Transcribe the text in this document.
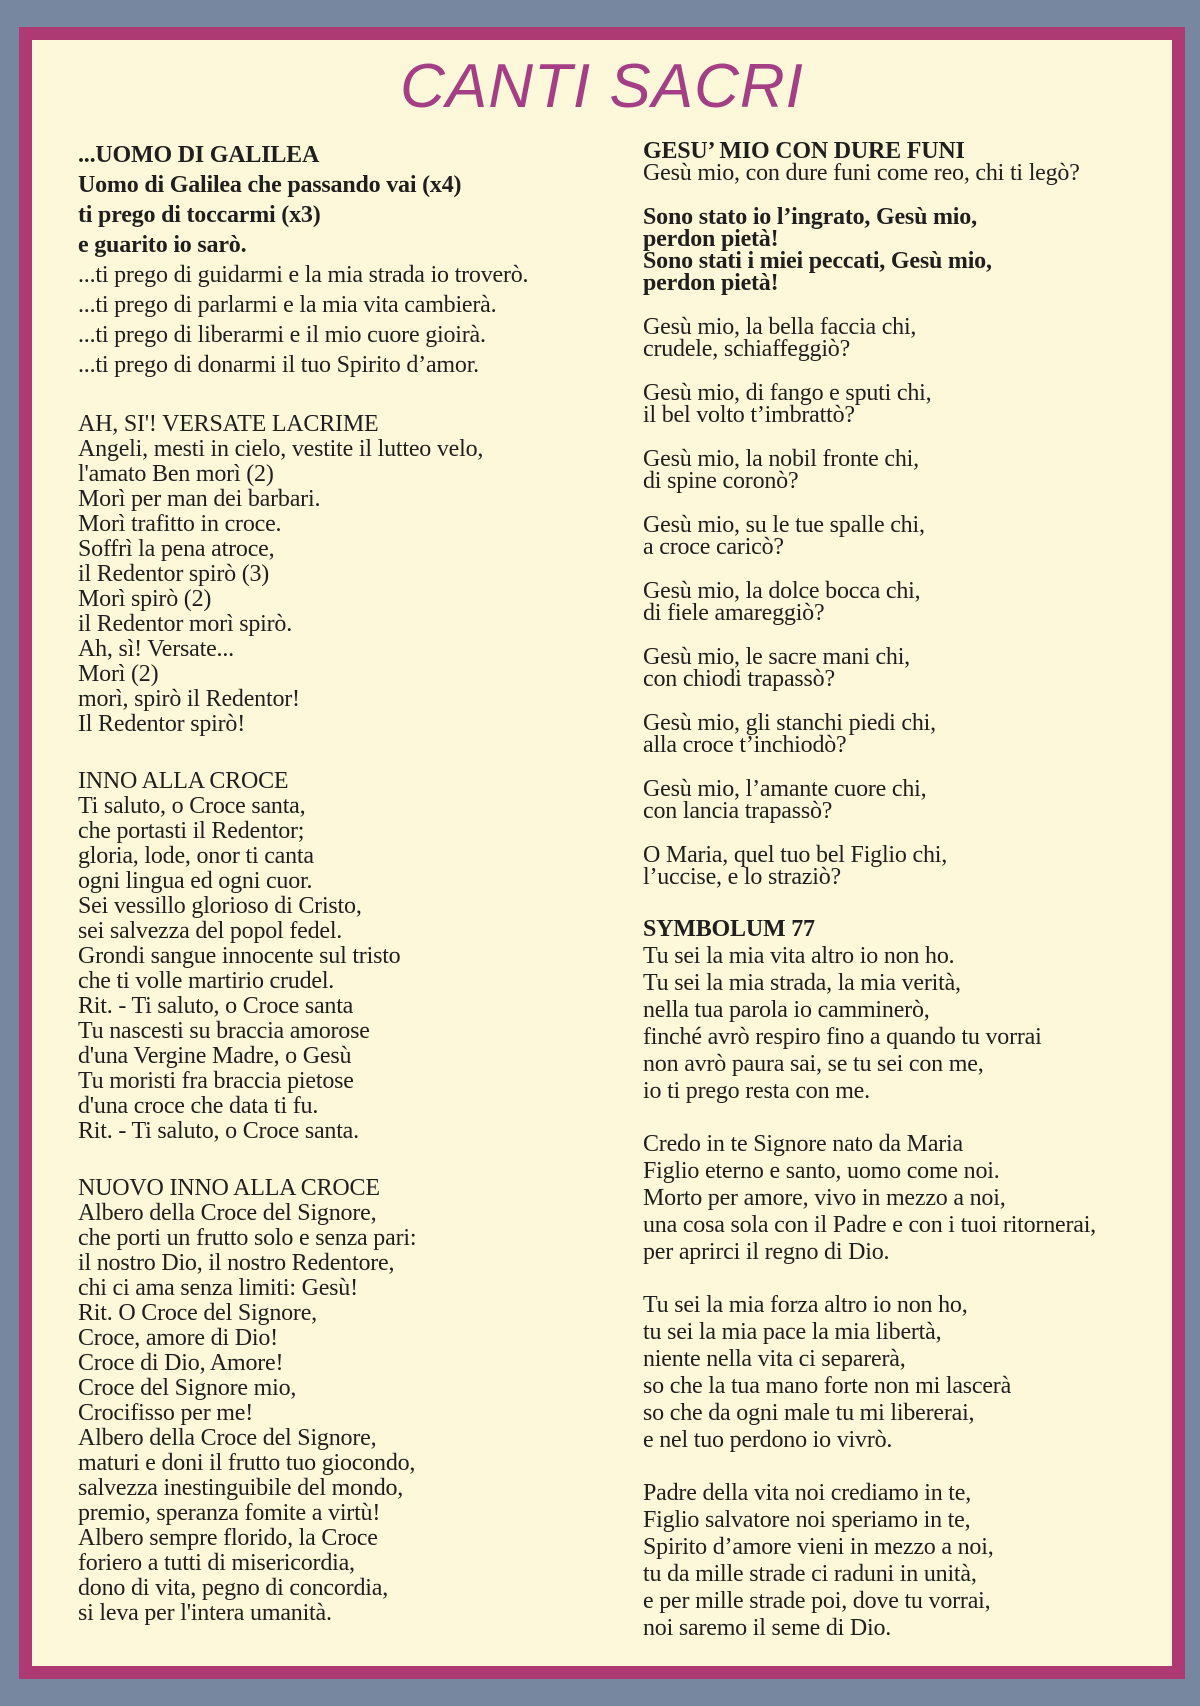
CANTI SACRI
...UOMO DI GALILEA
Uomo di Galilea che passando vai (x4)
ti prego di toccarmi (x3)
e guarito io sarò.
...ti prego di guidarmi e la mia strada io troverò.
...ti prego di parlarmi e la mia vita cambierà.
...ti prego di liberarmi e il mio cuore gioirà.
...ti prego di donarmi il tuo Spirito d’amor.
AH, SI'! VERSATE LACRIME
Angeli, mesti in cielo, vestite il lutteo velo,
l'amato Ben morì (2)
Morì per man dei barbari.
Morì trafitto in croce.
Soffrì la pena atroce,
il Redentor spirò (3)
Morì spirò (2)
il Redentor morì spirò.
Ah, sì! Versate...
Morì (2)
morì, spirò il Redentor!
Il Redentor spirò!
INNO ALLA CROCE
Ti saluto, o Croce santa,
che portasti il Redentor;
gloria, lode, onor ti canta
ogni lingua ed ogni cuor.
Sei vessillo glorioso di Cristo,
sei salvezza del popol fedel.
Grondi sangue innocente sul tristo
che ti volle martirio crudel.
Rit. - Ti saluto, o Croce santa
Tu nascesti su braccia amorose
d'una Vergine Madre, o Gesù
Tu moristi fra braccia pietose
d'una croce che data ti fu.
Rit. - Ti saluto, o Croce santa.
NUOVO INNO ALLA CROCE
Albero della Croce del Signore,
che porti un frutto solo e senza pari:
il nostro Dio, il nostro Redentore,
chi ci ama senza limiti: Gesù!
Rit. O Croce del Signore,
Croce, amore di Dio!
Croce di Dio, Amore!
Croce del Signore mio,
Crocifisso per me!
Albero della Croce del Signore,
maturi e doni il frutto tuo giocondo,
salvezza inestinguibile del mondo,
premio, speranza fomite a virtù!
Albero sempre florido, la Croce
foriero a tutti di misericordia,
dono di vita, pegno di concordia,
si leva per l'intera umanità.
GESU’ MIO CON DURE FUNI
Gesù mio, con dure funi come reo, chi ti legò?
Sono stato io l’ingrato, Gesù mio,
perdon pietà!
Sono stati i miei peccati, Gesù mio,
perdon pietà!
Gesù mio, la bella faccia chi,
crudele, schiaffeggiò?
Gesù mio, di fango e sputi chi,
il bel volto t’imbrattò?
Gesù mio, la nobil fronte chi,
di spine coronò?
Gesù mio, su le tue spalle chi,
a croce caricò?
Gesù mio, la dolce bocca chi,
di fiele amareggiò?
Gesù mio, le sacre mani chi,
con chiodi trapassò?
Gesù mio, gli stanchi piedi chi,
alla croce t’inchiodò?
Gesù mio, l’amante cuore chi,
con lancia trapassò?
O Maria, quel tuo bel Figlio chi,
l’uccise, e lo straziò?
SYMBOLUM 77
Tu sei la mia vita altro io non ho.
Tu sei la mia strada, la mia verità,
nella tua parola io camminerò,
finché avrò respiro fino a quando tu vorrai
non avrò paura sai, se tu sei con me,
io ti prego resta con me.
Credo in te Signore nato da Maria
Figlio eterno e santo, uomo come noi.
Morto per amore, vivo in mezzo a noi,
una cosa sola con il Padre e con i tuoi ritornerai,
per aprirci il regno di Dio.
Tu sei la mia forza altro io non ho,
tu sei la mia pace la mia libertà,
niente nella vita ci separerà,
so che la tua mano forte non mi lascerà
so che da ogni male tu mi libererai,
e nel tuo perdono io vivrò.
Padre della vita noi crediamo in te,
Figlio salvatore noi speriamo in te,
Spirito d’amore vieni in mezzo a noi,
tu da mille strade ci raduni in unità,
e per mille strade poi, dove tu vorrai,
noi saremo il seme di Dio.
